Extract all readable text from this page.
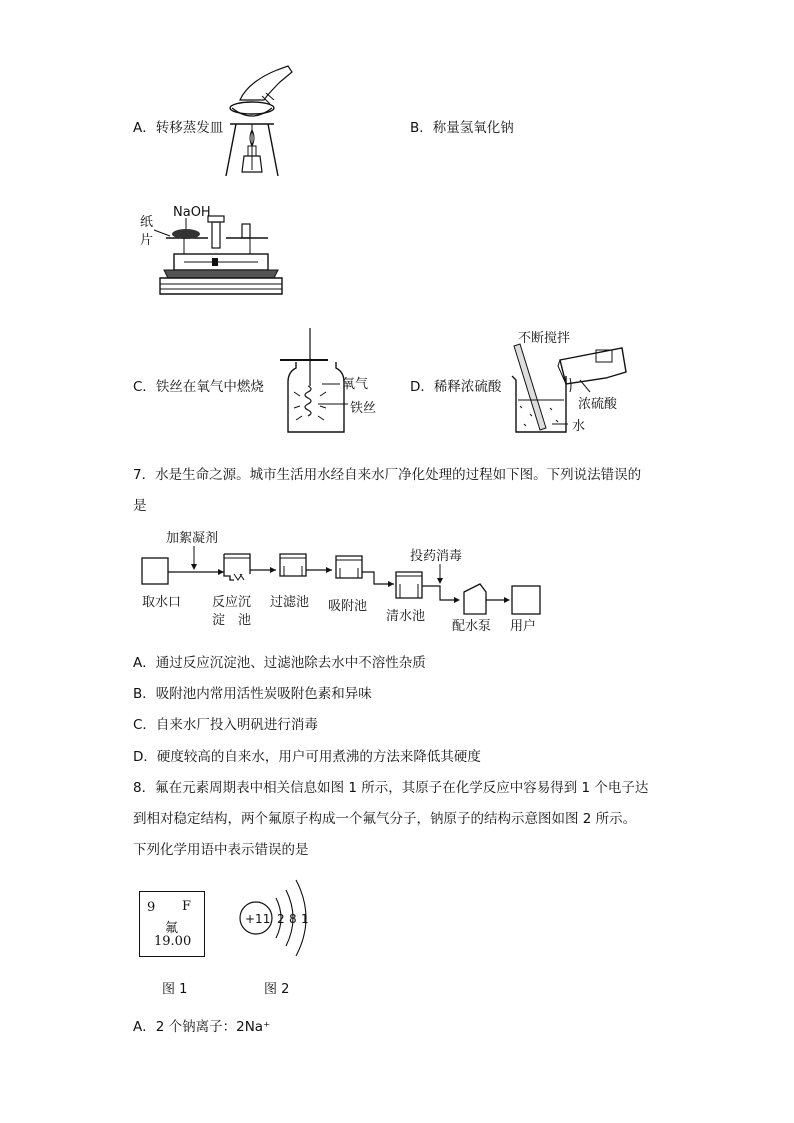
A．转移蒸发皿	B．称量氢氧化钠
NaOH
纸
片
C．铁丝在氧气中燃烧	氧气
铁丝
D．稀释浓硫酸
不断搅拌
浓硫酸
水
7．水是生命之源。城市生活用水经自来水厂净化处理的过程如下图。下列说法错误的
是
加絮凝剂
投药消毒
取水口 反应沉
淀　池
过滤池 吸附池
清水池
配水泵 用户
A．通过反应沉淀池、过滤池除去水中不溶性杂质
B．吸附池内常用活性炭吸附色素和异味
C．自来水厂投入明矾进行消毒
D．硬度较高的自来水，用户可用煮沸的方法来降低其硬度
8．氟在元素周期表中相关信息如图 1 所示，其原子在化学反应中容易得到 1 个电子达
到相对稳定结构，两个氟原子构成一个氟气分子，钠原子的结构示意图如图 2 所示。
下列化学用语中表示错误的是
9 F
氟
19.00
图 1
+11 2 8 1
图 2
A．2 个钠离子：2Na⁺
